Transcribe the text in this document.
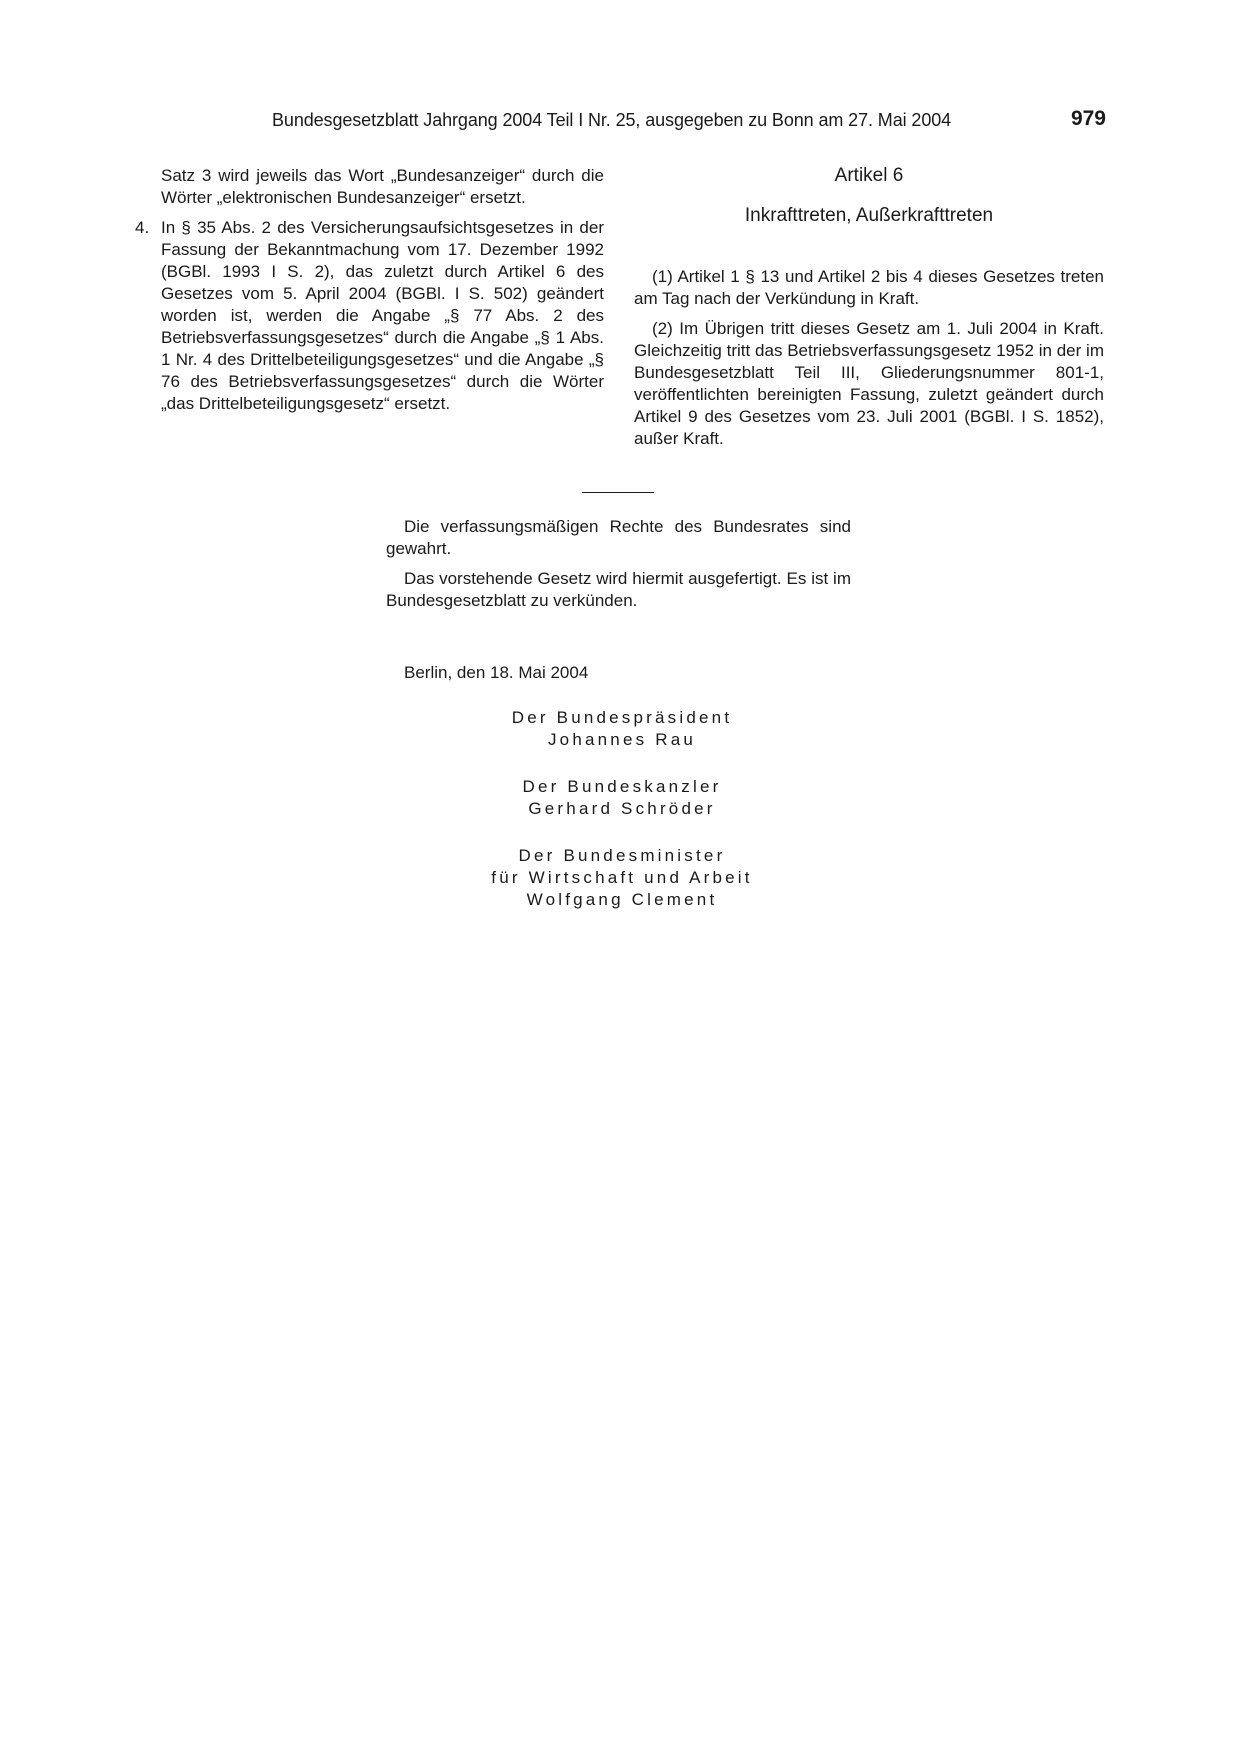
Bundesgesetzblatt Jahrgang 2004 Teil I Nr. 25, ausgegeben zu Bonn am 27. Mai 2004	979

Satz 3 wird jeweils das Wort „Bundesanzeiger“ durch die Wörter „elektronischen Bundesanzeiger“ ersetzt.

4. In § 35 Abs. 2 des Versicherungsaufsichtsgesetzes in der Fassung der Bekanntmachung vom 17. Dezember 1992 (BGBl. 1993 I S. 2), das zuletzt durch Artikel 6 des Gesetzes vom 5. April 2004 (BGBl. I S. 502) geändert worden ist, werden die Angabe „§ 77 Abs. 2 des Betriebsverfassungsgesetzes“ durch die Angabe „§ 1 Abs. 1 Nr. 4 des Drittelbeteiligungsgesetzes“ und die Angabe „§ 76 des Betriebsverfassungsgesetzes“ durch die Wörter „das Drittelbeteiligungsgesetz“ ersetzt.

Artikel 6
Inkrafttreten, Außerkrafttreten

(1) Artikel 1 § 13 und Artikel 2 bis 4 dieses Gesetzes treten am Tag nach der Verkündung in Kraft.

(2) Im Übrigen tritt dieses Gesetz am 1. Juli 2004 in Kraft. Gleichzeitig tritt das Betriebsverfassungsgesetz 1952 in der im Bundesgesetzblatt Teil III, Gliederungsnummer 801-1, veröffentlichten bereinigten Fassung, zuletzt geändert durch Artikel 9 des Gesetzes vom 23. Juli 2001 (BGBl. I S. 1852), außer Kraft.

Die verfassungsmäßigen Rechte des Bundesrates sind gewahrt.

Das vorstehende Gesetz wird hiermit ausgefertigt. Es ist im Bundesgesetzblatt zu verkünden.

Berlin, den 18. Mai 2004
Der Bundespräsident
Johannes Rau
Der Bundeskanzler
Gerhard Schröder
Der Bundesminister
für Wirtschaft und Arbeit
Wolfgang Clement
